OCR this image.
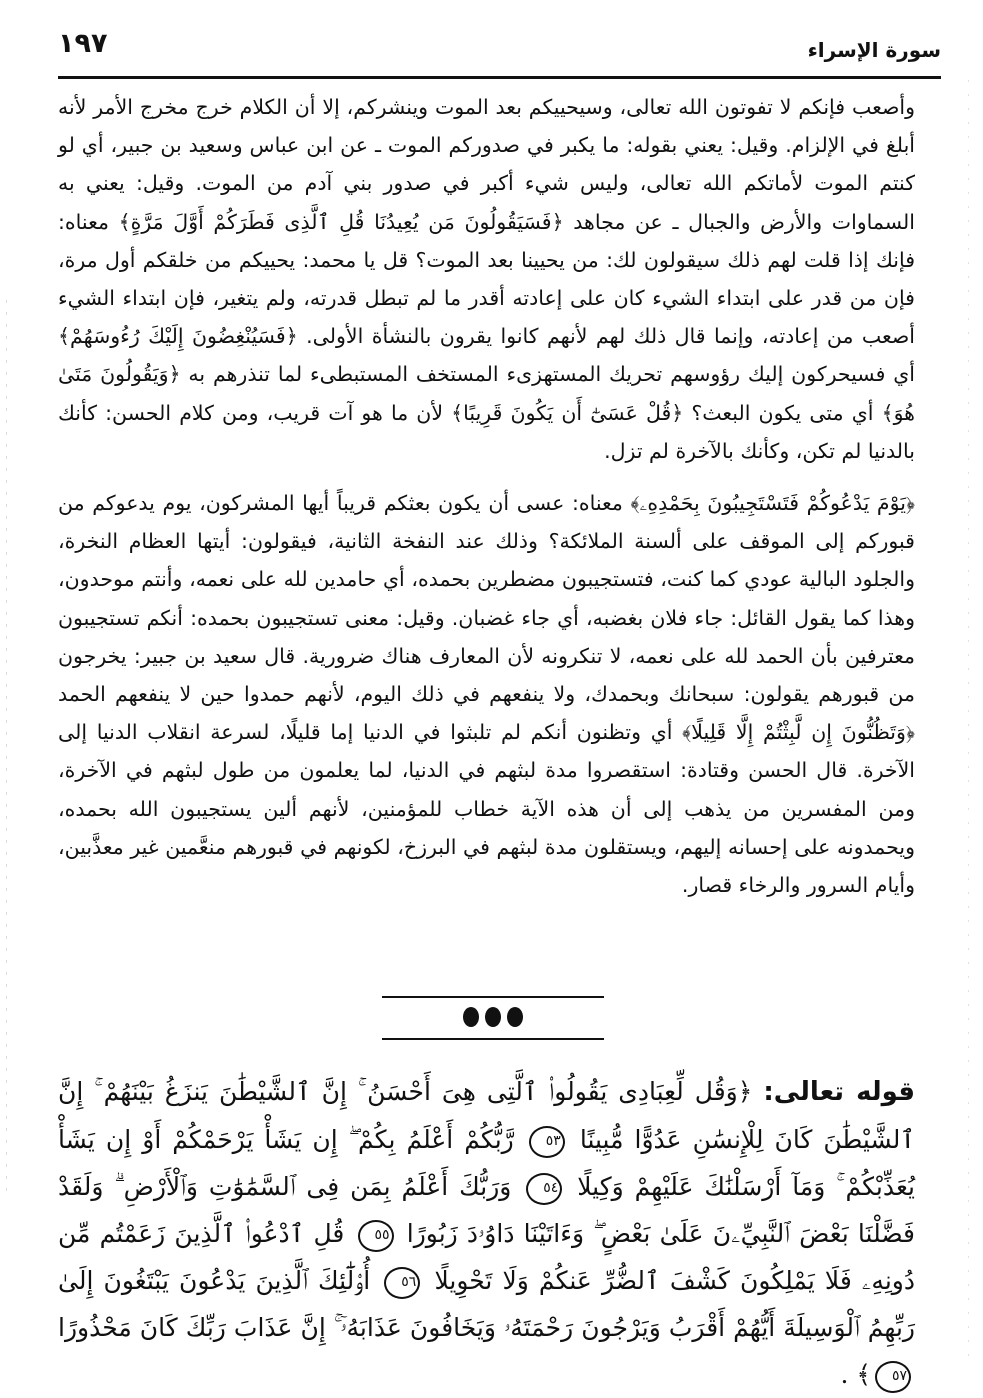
سورة الإسراء
١٩٧

وأصعب فإنكم لا تفوتون الله تعالى، وسيحييكم بعد الموت وينشركم، إلا أن الكلام خرج مخرج الأمر لأنه أبلغ في الإلزام. وقيل: يعني بقوله: ما يكبر في صدوركم الموت ـ عن ابن عباس وسعيد بن جبير، أي لو كنتم الموت لأماتكم الله تعالى، وليس شيء أكبر في صدور بني آدم من الموت. وقيل: يعني به السماوات والأرض والجبال ـ عن مجاهد ﴿فَسَيَقُولُونَ مَن يُعِيدُنَا قُلِ ٱلَّذِى فَطَرَكُمْ أَوَّلَ مَرَّةٍ﴾ معناه: فإنك إذا قلت لهم ذلك سيقولون لك: من يحيينا بعد الموت؟ قل يا محمد: يحييكم من خلقكم أول مرة، فإن من قدر على ابتداء الشيء كان على إعادته أقدر ما لم تبطل قدرته، ولم يتغير، فإن ابتداء الشيء أصعب من إعادته، وإنما قال ذلك لهم لأنهم كانوا يقرون بالنشأة الأولى. ﴿فَسَيُنْغِضُونَ إِلَيْكَ رُءُوسَهُمْ﴾ أي فسيحركون إليك رؤوسهم تحريك المستهزىء المستخف المستبطىء لما تنذرهم به ﴿وَيَقُولُونَ مَتَىٰ هُوَ﴾ أي متى يكون البعث؟ ﴿قُلْ عَسَىٰٓ أَن يَكُونَ قَرِيبًا﴾ لأن ما هو آت قريب، ومن كلام الحسن: كأنك بالدنيا لم تكن، وكأنك بالآخرة لم تزل.

﴿يَوْمَ يَدْعُوكُمْ فَتَسْتَجِيبُونَ بِحَمْدِهِۦ﴾ معناه: عسى أن يكون بعثكم قريباً أيها المشركون، يوم يدعوكم من قبوركم إلى الموقف على ألسنة الملائكة؟ وذلك عند النفخة الثانية، فيقولون: أيتها العظام النخرة، والجلود البالية عودي كما كنت، فتستجيبون مضطرين بحمده، أي حامدين لله على نعمه، وأنتم موحدون، وهذا كما يقول القائل: جاء فلان بغضبه، أي جاء غضبان. وقيل: معنى تستجيبون بحمده: أنكم تستجيبون معترفين بأن الحمد لله على نعمه، لا تنكرونه لأن المعارف هناك ضرورية. قال سعيد بن جبير: يخرجون من قبورهم يقولون: سبحانك وبحمدك، ولا ينفعهم في ذلك اليوم، لأنهم حمدوا حين لا ينفعهم الحمد ﴿وَتَظُنُّونَ إِن لَّبِثْتُمْ إِلَّا قَلِيلًا﴾ أي وتظنون أنكم لم تلبثوا في الدنيا إما قليلًا، لسرعة انقلاب الدنيا إلى الآخرة. قال الحسن وقتادة: استقصروا مدة لبثهم في الدنيا، لما يعلمون من طول لبثهم في الآخرة، ومن المفسرين من يذهب إلى أن هذه الآية خطاب للمؤمنين، لأنهم ألين يستجيبون الله بحمده، ويحمدونه على إحسانه إليهم، ويستقلون مدة لبثهم في البرزخ، لكونهم في قبورهم منعَّمين غير معذَّبين، وأيام السرور والرخاء قصار.

قوله تعالى: ﴿وَقُل لِّعِبَادِى يَقُولُوا۟ ٱلَّتِى هِىَ أَحْسَنُ ۚ إِنَّ ٱلشَّيْطَٰنَ يَنزَغُ بَيْنَهُمْ ۚ إِنَّ ٱلشَّيْطَٰنَ كَانَ لِلْإِنسَٰنِ عَدُوًّا مُّبِينًا ٥٣ رَّبُّكُمْ أَعْلَمُ بِكُمْ ۖ إِن يَشَأْ يَرْحَمْكُمْ أَوْ إِن يَشَأْ يُعَذِّبْكُمْ ۚ وَمَآ أَرْسَلْنَٰكَ عَلَيْهِمْ وَكِيلًا ٥٤ وَرَبُّكَ أَعْلَمُ بِمَن فِى ٱلسَّمَٰوَٰتِ وَٱلْأَرْضِ ۗ وَلَقَدْ فَضَّلْنَا بَعْضَ ٱلنَّبِيِّۦنَ عَلَىٰ بَعْضٍ ۖ وَءَاتَيْنَا دَاوُۥدَ زَبُورًا ٥٥ قُلِ ٱدْعُوا۟ ٱلَّذِينَ زَعَمْتُم مِّن دُونِهِۦ فَلَا يَمْلِكُونَ كَشْفَ ٱلضُّرِّ عَنكُمْ وَلَا تَحْوِيلًا ٥٦ أُو۟لَٰٓئِكَ ٱلَّذِينَ يَدْعُونَ يَبْتَغُونَ إِلَىٰ رَبِّهِمُ ٱلْوَسِيلَةَ أَيُّهُمْ أَقْرَبُ وَيَرْجُونَ رَحْمَتَهُۥ وَيَخَافُونَ عَذَابَهُۥٓ ۚ إِنَّ عَذَابَ رَبِّكَ كَانَ مَحْذُورًا ٥٧﴾ .
